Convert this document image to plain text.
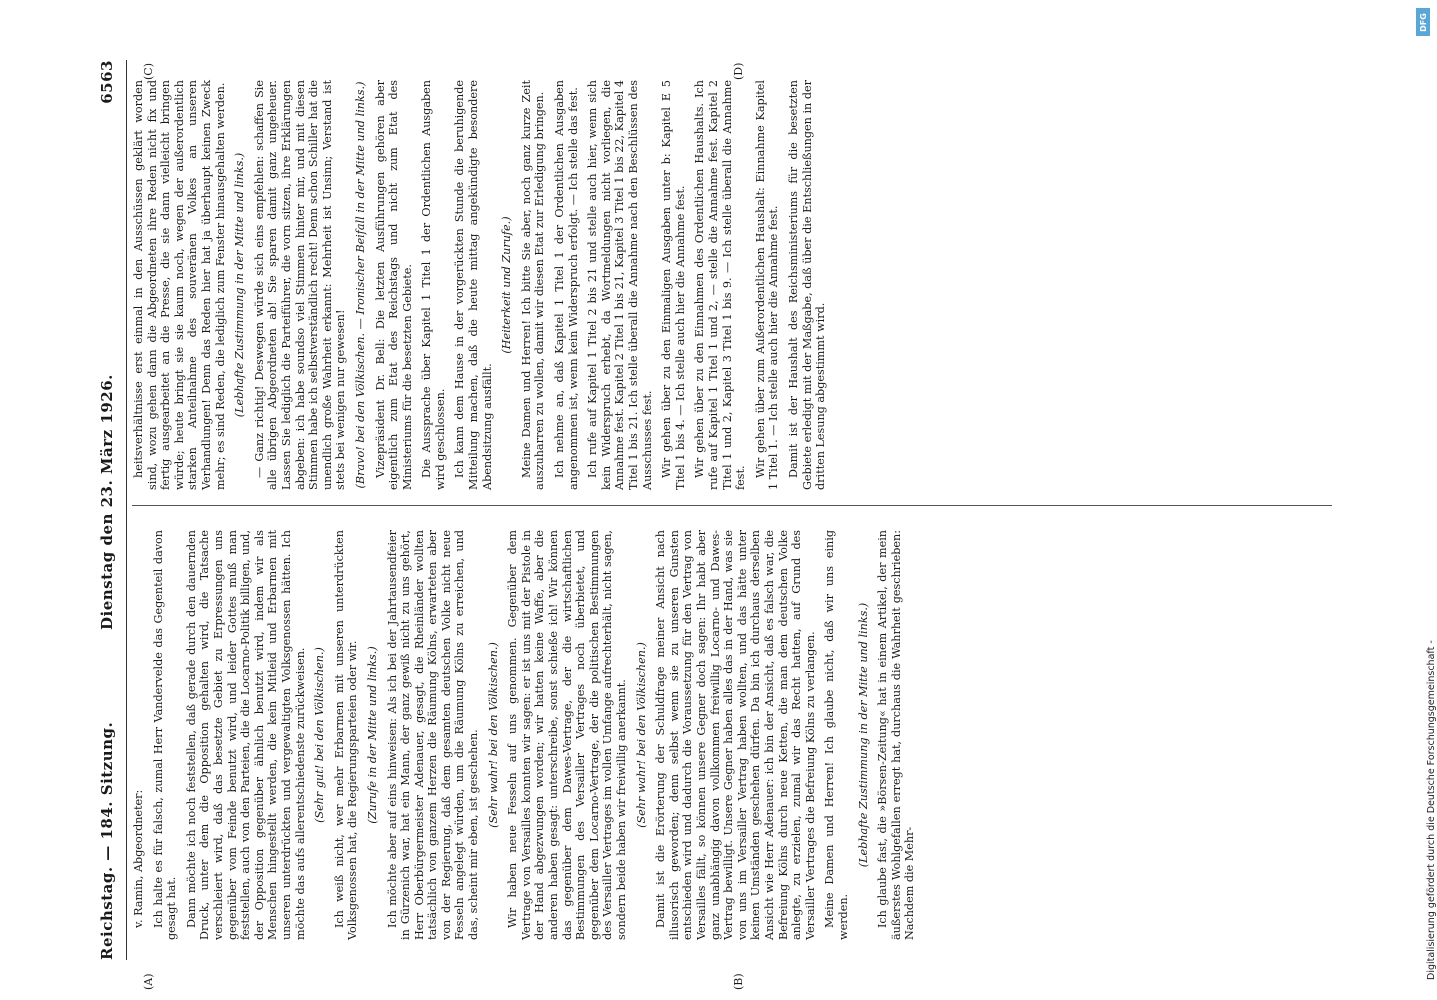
Reichstag. — 184. Sitzung.
Dienstag den 23. März 1926.
6563
(A)	(B)
(C)	(D)

v. Ramin, Abgeordneter: Ich halte es für falsch, zumal Herr Vandervelde das Gegenteil davon gesagt hat. Dann möchte ich noch feststellen, daß gerade durch den dauernden Druck, unter dem die Opposition gehalten wird, die Tatsache verschleiert wird, daß das besetzte Gebiet zu Erpressungen uns gegenüber vom Feinde benutzt wird, und leider Gottes muß man feststellen, auch von den Parteien, die die Locarno-Politik billigen, und, der Opposition gegenüber ähnlich benutzt wird, indem wir als Menschen hingestellt werden, die kein Mitleid und Erbarmen mit unseren unterdrückten und vergewaltigten Volksgenossen hätten. Ich möchte das aufs allerentschiedenste zurückweisen. (Sehr gut! bei den Völkischen.) Ich weiß nicht, wer mehr Erbarmen mit unseren unterdrückten Volksgenossen hat, die Regierungsparteien oder wir. (Zurufe in der Mitte und links.) Ich möchte aber auf eins hinweisen: Als ich bei der Jahrtausendfeier in Gürzenich war, hat ein Mann, der ganz gewiß nicht zu uns gehört, Herr Oberbürgermeister Adenauer, gesagt, die Rheinländer wollten tatsächlich von ganzem Herzen die Räumung Kölns, erwarteten aber von der Regierung, daß dem gesamten deutschen Volke nicht neue Fesseln angelegt würden, um die Räumung Kölns zu erreichen, und das, scheint mir eben, ist geschehen. (Sehr wahr! bei den Völkischen.) Wir haben neue Fesseln auf uns genommen. Gegenüber dem Vertrage von Versailles konnten wir sagen: er ist uns mit der Pistole in der Hand abgezwungen worden; wir hatten keine Waffe, aber die anderen haben gesagt: unterschreibe, sonst schieße ich! Wir können das gegenüber dem Dawes-Vertrage, der die wirtschaftlichen Bestimmungen des Versailler Vertrages noch überbietet, und gegenüber dem Locarno-Vertrage, der die politischen Bestimmungen des Versailler Vertrages im vollen Umfange aufrechterhält, nicht sagen, sondern beide haben wir freiwillig anerkannt. (Sehr wahr! bei den Völkischen.) Damit ist die Erörterung der Schuldfrage meiner Ansicht nach illusorisch geworden; denn selbst wenn sie zu unseren Gunsten entschieden wird und dadurch die Voraussetzung für den Vertrag von Versailles fällt, so können unsere Gegner doch sagen: Ihr habt aber ganz unabhängig davon vollkommen freiwillig Locarno- und Dawes-Vertrag bewilligt. Unsere Gegner haben alles das in der Hand, was sie von uns im Versailler Vertrag haben wollten, und das hätte unter keinen Umständen geschehen dürfen. Da bin ich durchaus derselben Ansicht wie Herr Adenauer: ich bin der Ansicht, daß es falsch war, die Befreiung Kölns durch neue Ketten, die man dem deutschen Volke anlegte, zu erzielen, zumal wir das Recht hatten, auf Grund des Versailler Vertrages die Befreiung Kölns zu verlangen. Meine Damen und Herren! Ich glaube nicht, daß wir uns einig werden.

(Lebhafte Zustimmung in der Mitte und links.) Ich glaube fast, die »Börsen-Zeitung« hat in einem Artikel, der mein äußerstes Wohlgefallen erregt hat, durchaus die Wahrheit geschrieben: Nachdem die Mehr-

heitsverhältnisse erst einmal in den Ausschüssen geklärt worden sind, wozu gehen dann die Abgeordneten ihre Reden nicht fix und fertig ausgearbeitet an die Presse, die sie dann vielleicht bringen würde; heute bringt sie sie kaum noch, wegen der außerordentlich starken Anteilnahme des souveränen Volkes an unseren Verhandlungen! Denn das Reden hier hat ja überhaupt keinen Zweck mehr; es sind Reden, die lediglich zum Fenster hinausgehalten werden. (Lebhafte Zustimmung in der Mitte und links.) — Ganz richtig! Deswegen würde sich eins empfehlen: schaffen Sie alle übrigen Abgeordneten ab! Sie sparen damit ganz ungeheuer. Lassen Sie lediglich die Parteiführer, die vorn sitzen, ihre Erklärungen abgeben: ich habe soundso viel Stimmen hinter mir, und mit diesen Stimmen habe ich selbstverständlich recht! Denn schon Schiller hat die unendlich große Wahrheit erkannt: Mehrheit ist Unsinn; Verstand ist stets bei wenigen nur gewesen! (Bravo! bei den Völkischen. — Ironischer Beifall in der Mitte und links.) Vizepräsident Dr. Bell: Die letzten Ausführungen gehören aber eigentlich zum Etat des Reichstags und nicht zum Etat des Ministeriums für die besetzten Gebiete. Die Aussprache über Kapitel 1 Titel 1 der Ordentlichen Ausgaben wird geschlossen. Ich kann dem Hause in der vorgerückten Stunde die beruhigende Mitteilung machen, daß die heute mittag angekündigte besondere Abendsitzung ausfällt.

(Heiterkeit und Zurufe.) Meine Damen und Herren! Ich bitte Sie aber, noch ganz kurze Zeit auszuharren zu wollen, damit wir diesen Etat zur Erledigung bringen. Ich nehme an, daß Kapitel 1 Titel 1 der Ordentlichen Ausgaben angenommen ist, wenn kein Widerspruch erfolgt. — Ich stelle das fest. Ich rufe auf Kapitel 1 Titel 2 bis 21 und stelle auch hier, wenn sich kein Widerspruch erhebt, da Wortmeldungen nicht vorliegen, die Annahme fest. Kapitel 2 Titel 1 bis 21, Kapitel 3 Titel 1 bis 22, Kapitel 4 Titel 1 bis 21. Ich stelle überall die Annahme nach den Beschlüssen des Ausschusses fest. Wir gehen über zu den Einmaligen Ausgaben unter b: Kapitel E 5 Titel 1 bis 4. — Ich stelle auch hier die Annahme fest. Wir gehen über zu den Einnahmen des Ordentlichen Haushalts. Ich rufe auf Kapitel 1 Titel 1 und 2, — stelle die Annahme fest. Kapitel 2 Titel 1 und 2, Kapitel 3 Titel 1 bis 9. — Ich stelle überall die Annahme fest. Wir gehen über zum Außerordentlichen Haushalt: Einnahme Kapitel 1 Titel 1. — Ich stelle auch hier die Annahme fest. Damit ist der Haushalt des Reichsministeriums für die besetzten Gebiete erledigt mit der Maßgabe, daß über die Entschließungen in der dritten Lesung abgestimmt wird.

Digitalisierung gefördert durch die Deutsche Forschungsgemeinschaft -
DFG
